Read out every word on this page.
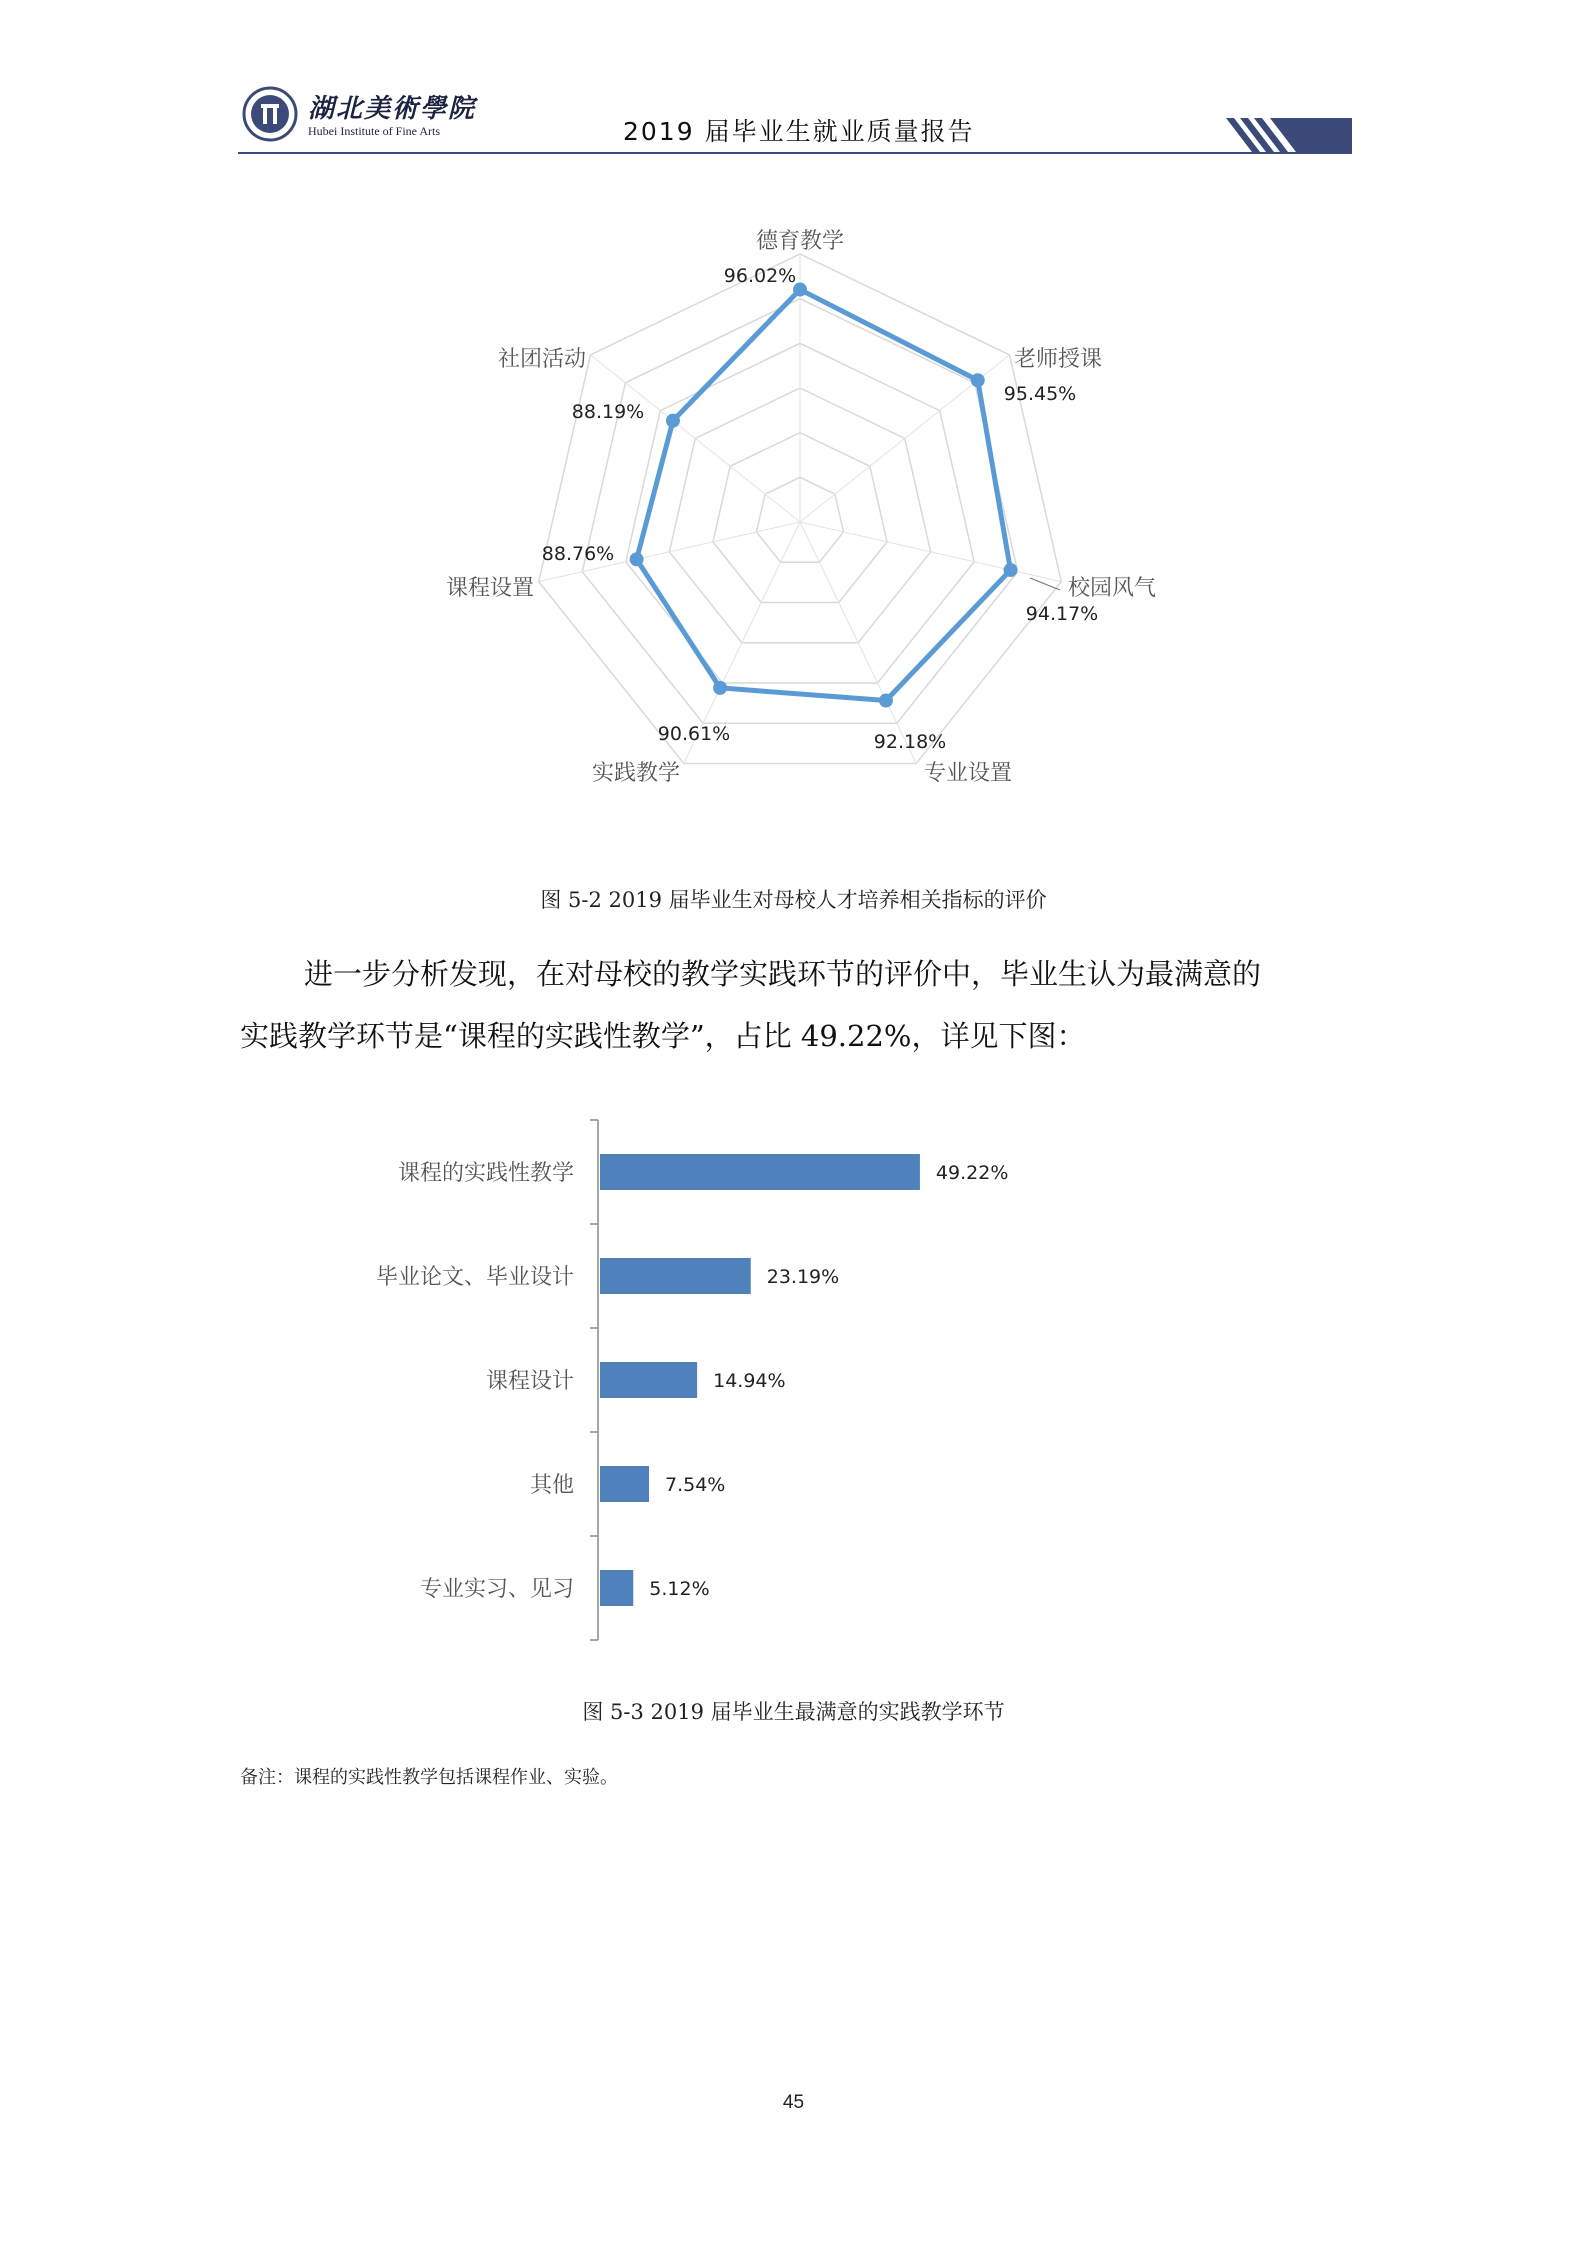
湖北美術學院
Hubei Institute of Fine Arts	2019 届毕业生就业质量报告
德育教学
96.02%
老师授课
95.45%
校园风气
94.17%
专业设置
92.18%
实践教学
90.61%
课程设置
88.76%
社团活动
88.19%
图 5-2 2019 届毕业生对母校人才培养相关指标的评价
进一步分析发现，在对母校的教学实践环节的评价中，毕业生认为最满意的
实践教学环节是“课程的实践性教学”，占比 49.22%，详见下图：
课程的实践性教学	49.22%
毕业论文、毕业设计	23.19%
课程设计	14.94%
其他	7.54%
专业实习、见习	5.12%
图 5-3 2019 届毕业生最满意的实践教学环节
备注：课程的实践性教学包括课程作业、实验。
45
